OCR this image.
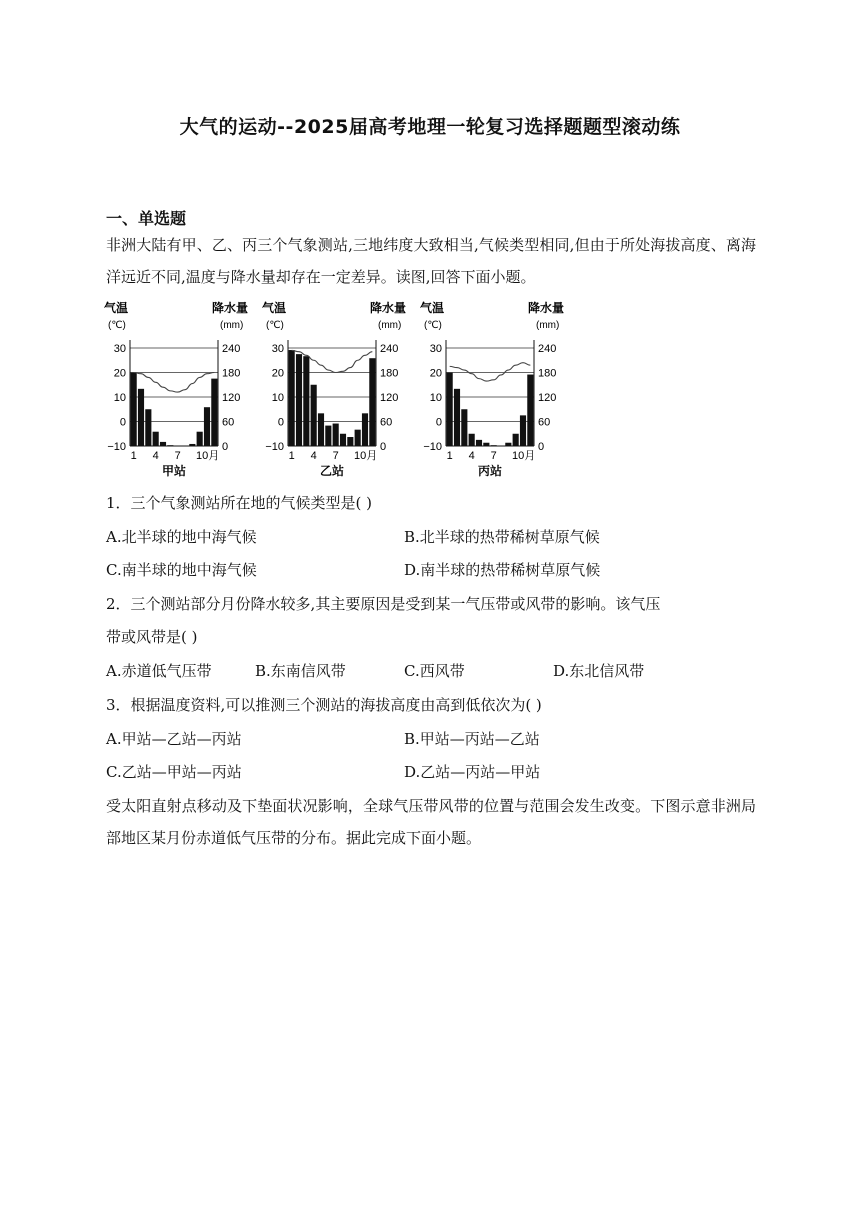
大气的运动--2025届高考地理一轮复习选择题题型滚动练
一、单选题
非洲大陆有甲、乙、丙三个气象测站,三地纬度大致相当,气候类型相同,但由于所处海拔高度、离海洋远近不同,温度与降水量却存在一定差异。读图,回答下面小题。
气温
(℃)
降水量
(mm)
30
20
10
0
−10
240
180
120
60
0
1 4 7 10月
甲站
气温
(℃)
降水量
(mm)
30
20
10
0
−10
240
180
120
60
0
1 4 7 10月
乙站
气温
(℃)
降水量
(mm)
30
20
10
0
−10
240
180
120
60
0
1 4 7 10月
丙站
1．三个气象测站所在地的气候类型是( )
A.北半球的地中海气候	B.北半球的热带稀树草原气候
C.南半球的地中海气候	D.南半球的热带稀树草原气候
2．三个测站部分月份降水较多,其主要原因是受到某一气压带或风带的影响。该气压
带或风带是( )
A.赤道低气压带	B.东南信风带	C.西风带	D.东北信风带
3．根据温度资料,可以推测三个测站的海拔高度由高到低依次为( )
A.甲站—乙站—丙站	B.甲站—丙站—乙站
C.乙站—甲站—丙站	D.乙站—丙站—甲站
受太阳直射点移动及下垫面状况影响，全球气压带风带的位置与范围会发生改变。下图示意非洲局部地区某月份赤道低气压带的分布。据此完成下面小题。
